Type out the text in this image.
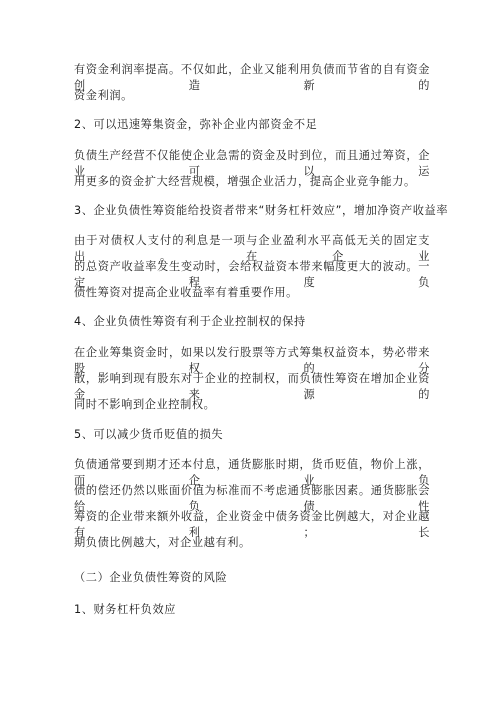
有资金利润率提高。不仅如此，企业又能利用负债而节省的自有资金创造新的
资金利润。
2、可以迅速筹集资金，弥补企业内部资金不足
负债生产经营不仅能使企业急需的资金及时到位，而且通过筹资，企业可以运
用更多的资金扩大经营规模，增强企业活力，提高企业竞争能力。
3、企业负债性筹资能给投资者带来“财务杠杆效应”，增加净资产收益率
由于对债权人支付的利息是一项与企业盈利水平高低无关的固定支出。在企业
的总资产收益率发生变动时，会给权益资本带来幅度更大的波动。一定程度负
债性筹资对提高企业收益率有着重要作用。
4、企业负债性筹资有利于企业控制权的保持
在企业筹集资金时，如果以发行股票等方式筹集权益资本，势必带来股权的分
散，影响到现有股东对于企业的控制权，而负债性筹资在增加企业资金来源的
同时不影响到企业控制权。
5、可以减少货币贬值的损失
负债通常要到期才还本付息，通货膨胀时期，货币贬值，物价上涨，而企业负
债的偿还仍然以账面价值为标准而不考虑通货膨胀因素。通货膨胀会给负债性
筹资的企业带来额外收益，企业资金中债务资金比例越大，对企业越有利；长
期负债比例越大，对企业越有利。
（二）企业负债性筹资的风险
1、财务杠杆负效应
